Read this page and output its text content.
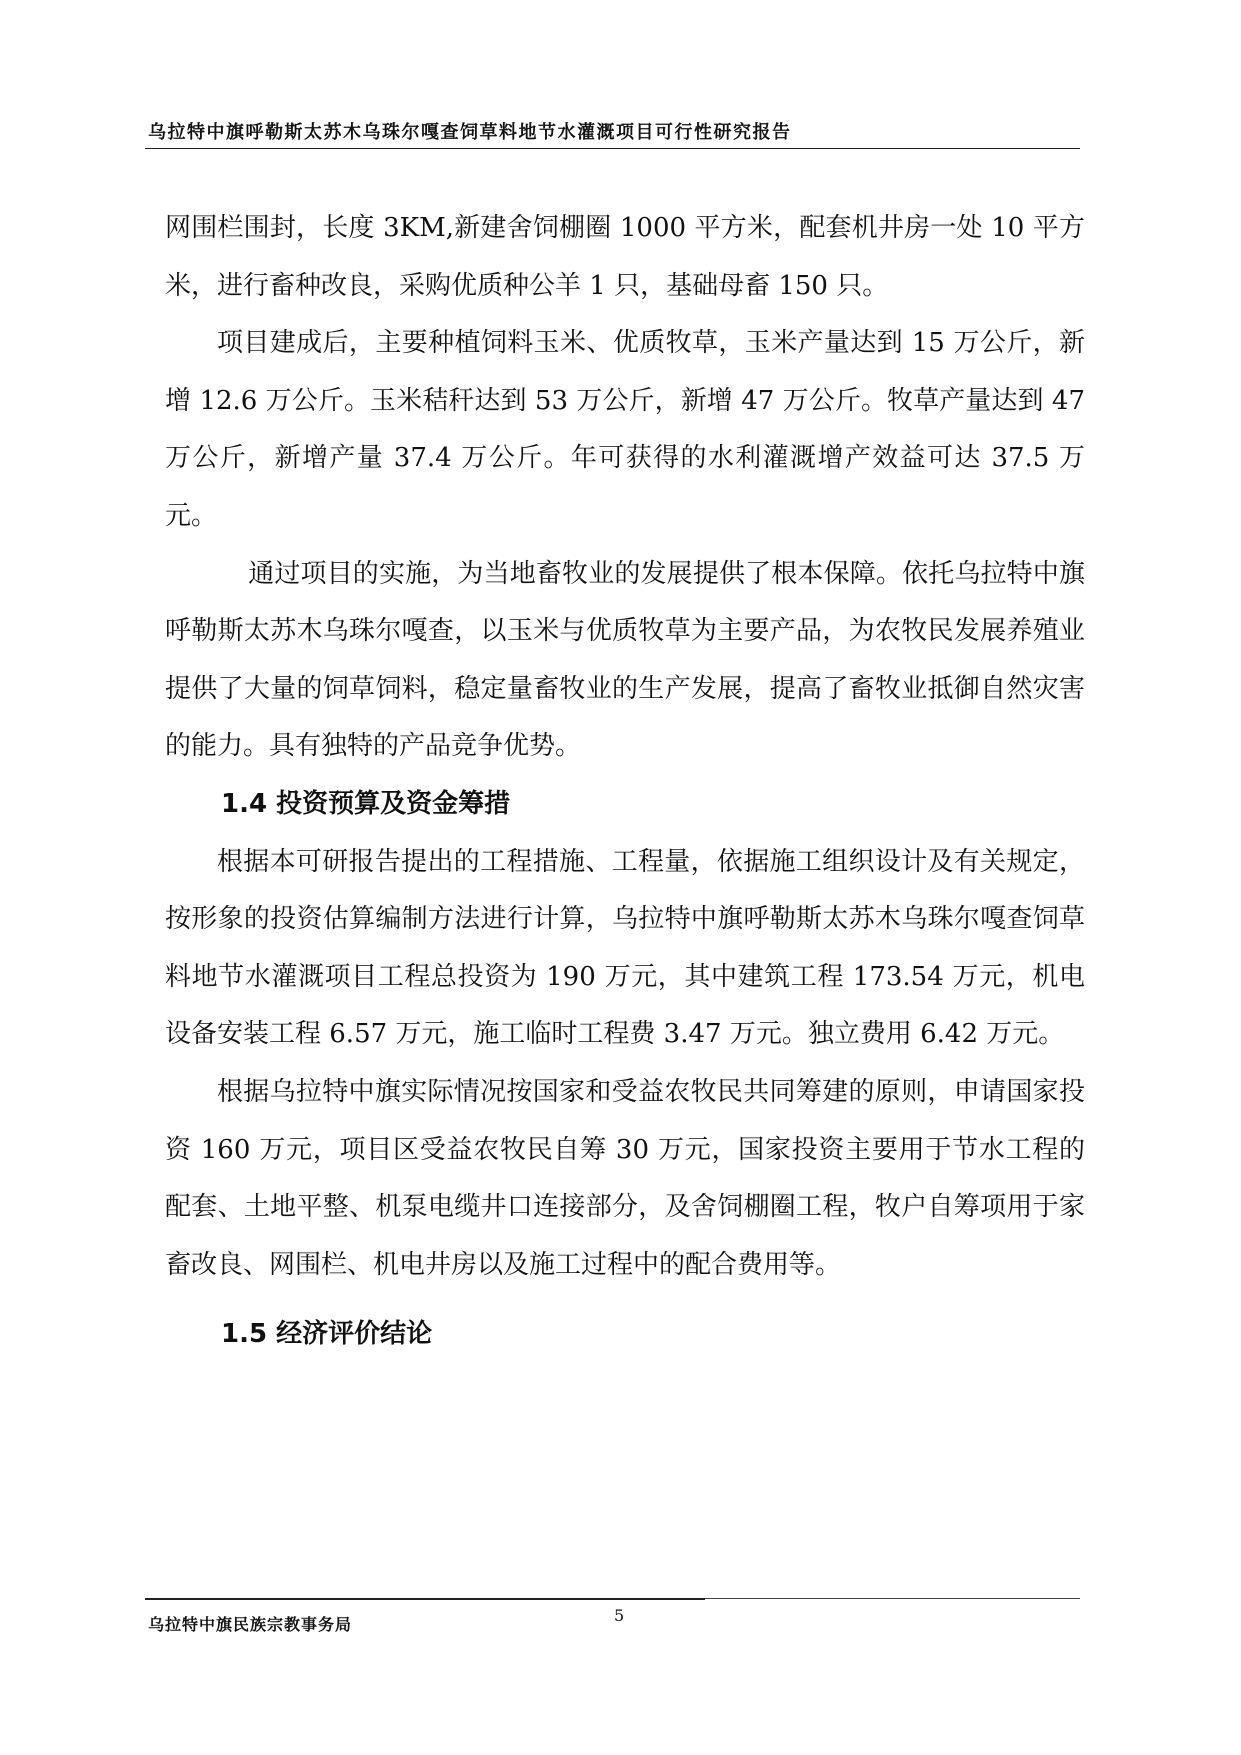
乌拉特中旗呼勒斯太苏木乌珠尔嘎查饲草料地节水灌溉项目可行性研究报告

网围栏围封，长度 3KM,新建舍饲棚圈 1000 平方米，配套机井房一处 10 平方米，进行畜种改良，采购优质种公羊 1 只，基础母畜 150 只。

项目建成后，主要种植饲料玉米、优质牧草，玉米产量达到 15 万公斤，新增 12.6 万公斤。玉米秸秆达到 53 万公斤，新增 47 万公斤。牧草产量达到 47 万公斤，新增产量 37.4 万公斤。年可获得的水利灌溉增产效益可达 37.5 万元。

通过项目的实施，为当地畜牧业的发展提供了根本保障。依托乌拉特中旗呼勒斯太苏木乌珠尔嘎查，以玉米与优质牧草为主要产品，为农牧民发展养殖业提供了大量的饲草饲料，稳定量畜牧业的生产发展，提高了畜牧业抵御自然灾害的能力。具有独特的产品竞争优势。

1.4 投资预算及资金筹措

根据本可研报告提出的工程措施、工程量，依据施工组织设计及有关规定，按形象的投资估算编制方法进行计算，乌拉特中旗呼勒斯太苏木乌珠尔嘎查饲草料地节水灌溉项目工程总投资为 190 万元，其中建筑工程 173.54 万元，机电设备安装工程 6.57 万元，施工临时工程费 3.47 万元。独立费用 6.42 万元。

根据乌拉特中旗实际情况按国家和受益农牧民共同筹建的原则，申请国家投资 160 万元，项目区受益农牧民自筹 30 万元，国家投资主要用于节水工程的配套、土地平整、机泵电缆井口连接部分，及舍饲棚圈工程，牧户自筹项用于家畜改良、网围栏、机电井房以及施工过程中的配合费用等。

1.5 经济评价结论
乌拉特中旗民族宗教事务局	5
